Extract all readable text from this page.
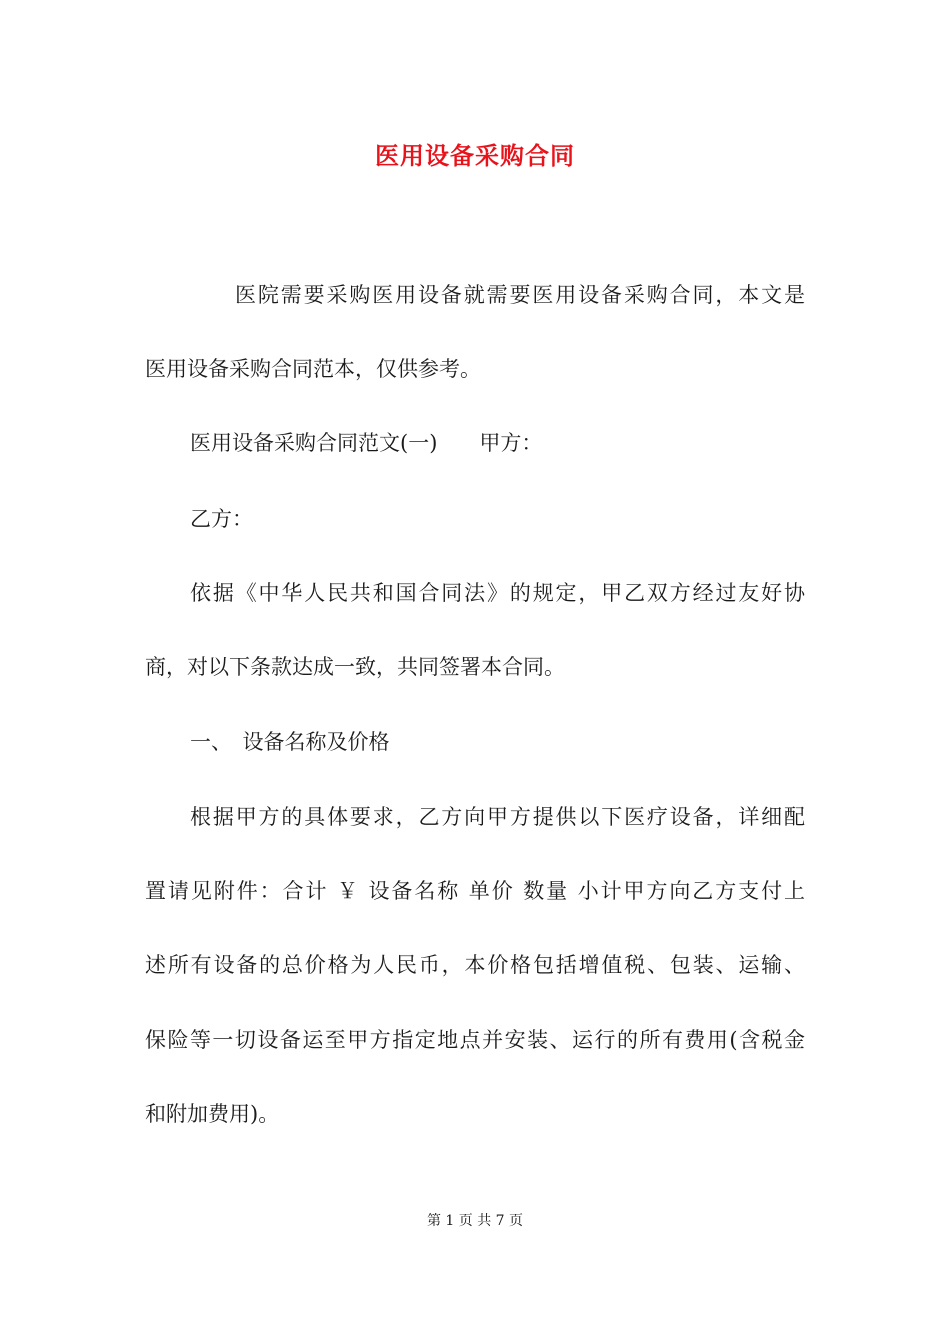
医用设备采购合同
医院需要采购医用设备就需要医用设备采购合同，本文是
医用设备采购合同范本，仅供参考。
医用设备采购合同范文(一)　　甲方：
乙方：
依据《中华人民共和国合同法》的规定，甲乙双方经过友好协
商，对以下条款达成一致，共同签署本合同。
一、　设备名称及价格
根据甲方的具体要求，乙方向甲方提供以下医疗设备，详细配
置请见附件：合计 ￥ 设备名称 单价 数量 小计甲方向乙方支付上
述所有设备的总价格为人民币，本价格包括增值税、包装、运输、
保险等一切设备运至甲方指定地点并安装、运行的所有费用(含税金
和附加费用)。
第 1 页 共 7 页
